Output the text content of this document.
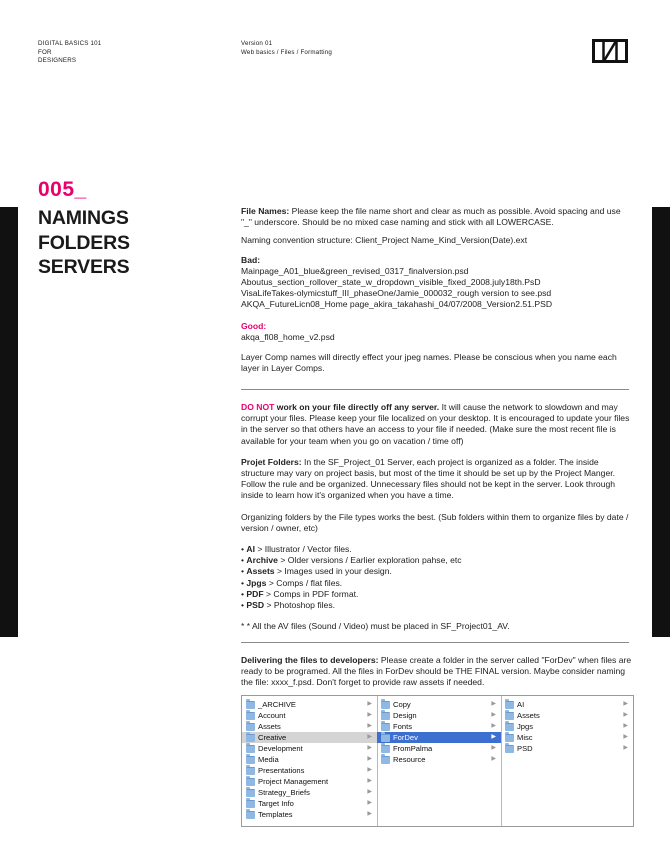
DIGITAL BASICS 101
FOR
DESIGNERS
Version 01
Web basics / Files / Formatting
005_
NAMINGS
FOLDERS
SERVERS

File Names: Please keep the file name short and clear as much as possible. Avoid spacing and use "_" underscore. Should be no mixed case naming and stick with all LOWERCASE.

Naming convention structure: Client_Project Name_Kind_Version(Date).ext

Bad:

Mainpage_A01_blue&green_revised_0317_finalversion.psd

Aboutus_section_rollover_state_w_dropdown_visible_fixed_2008.july18th.PsD

VisaLifeTakes-olymicstuff_III_phaseOne/Jamie_000032_rough version to see.psd

AKQA_FutureLicn08_Home page_akira_takahashi_04/07/2008_Version2.51.PSD

Good:

akqa_fl08_home_v2.psd

Layer Comp names will directly effect your jpeg names. Please be conscious when you name each layer in Layer Comps.

DO NOT work on your file directly off any server. It will cause the network to slowdown and may corrupt your files. Please keep your file localized on your desktop. It is encouraged to update your files in the server so that others have an access to your file if needed. (Make sure the most recent file is available for your team when you go on vacation / time off)

Projet Folders: In the SF_Project_01 Server, each project is organized as a folder. The inside structure may vary on project basis, but most of the time it should be set up by the Project Manger. Follow the rule and be organized. Unnecessary files should not be kept in the server. Look through inside to learn how it's organized when you have a time.

Organizing folders by the File types works the best. (Sub folders within them to organize files by date / version / owner, etc)

• AI > Illustrator / Vector files.
• Archive > Older versions / Earlier exploration pahse, etc
• Assets > Images used in your design.
• Jpgs > Comps / flat files.
• PDF > Comps in PDF format.
• PSD > Photoshop files.

* * All the AV files (Sound / Video) must be placed in SF_Project01_AV.

Delivering the files to developers: Please create a folder in the server called "ForDev" when files are ready to be programed. All the files in ForDev should be THE FINAL version. Maybe consider naming the file: xxxx_f.psd. Don't forget to provide raw assets if needed.

_ARCHIVE	▶
Account	▶
Assets	▶
Creative	▶
Development	▶
Media	▶
Presentations	▶
Project Management	▶
Strategy_Briefs	▶
Target Info	▶
Templates	▶
Copy	▶
Design	▶
Fonts	▶
ForDev	▶
FromPalma	▶
Resource	▶
AI	▶
Assets	▶
Jpgs	▶
Misc	▶
PSD	▶
